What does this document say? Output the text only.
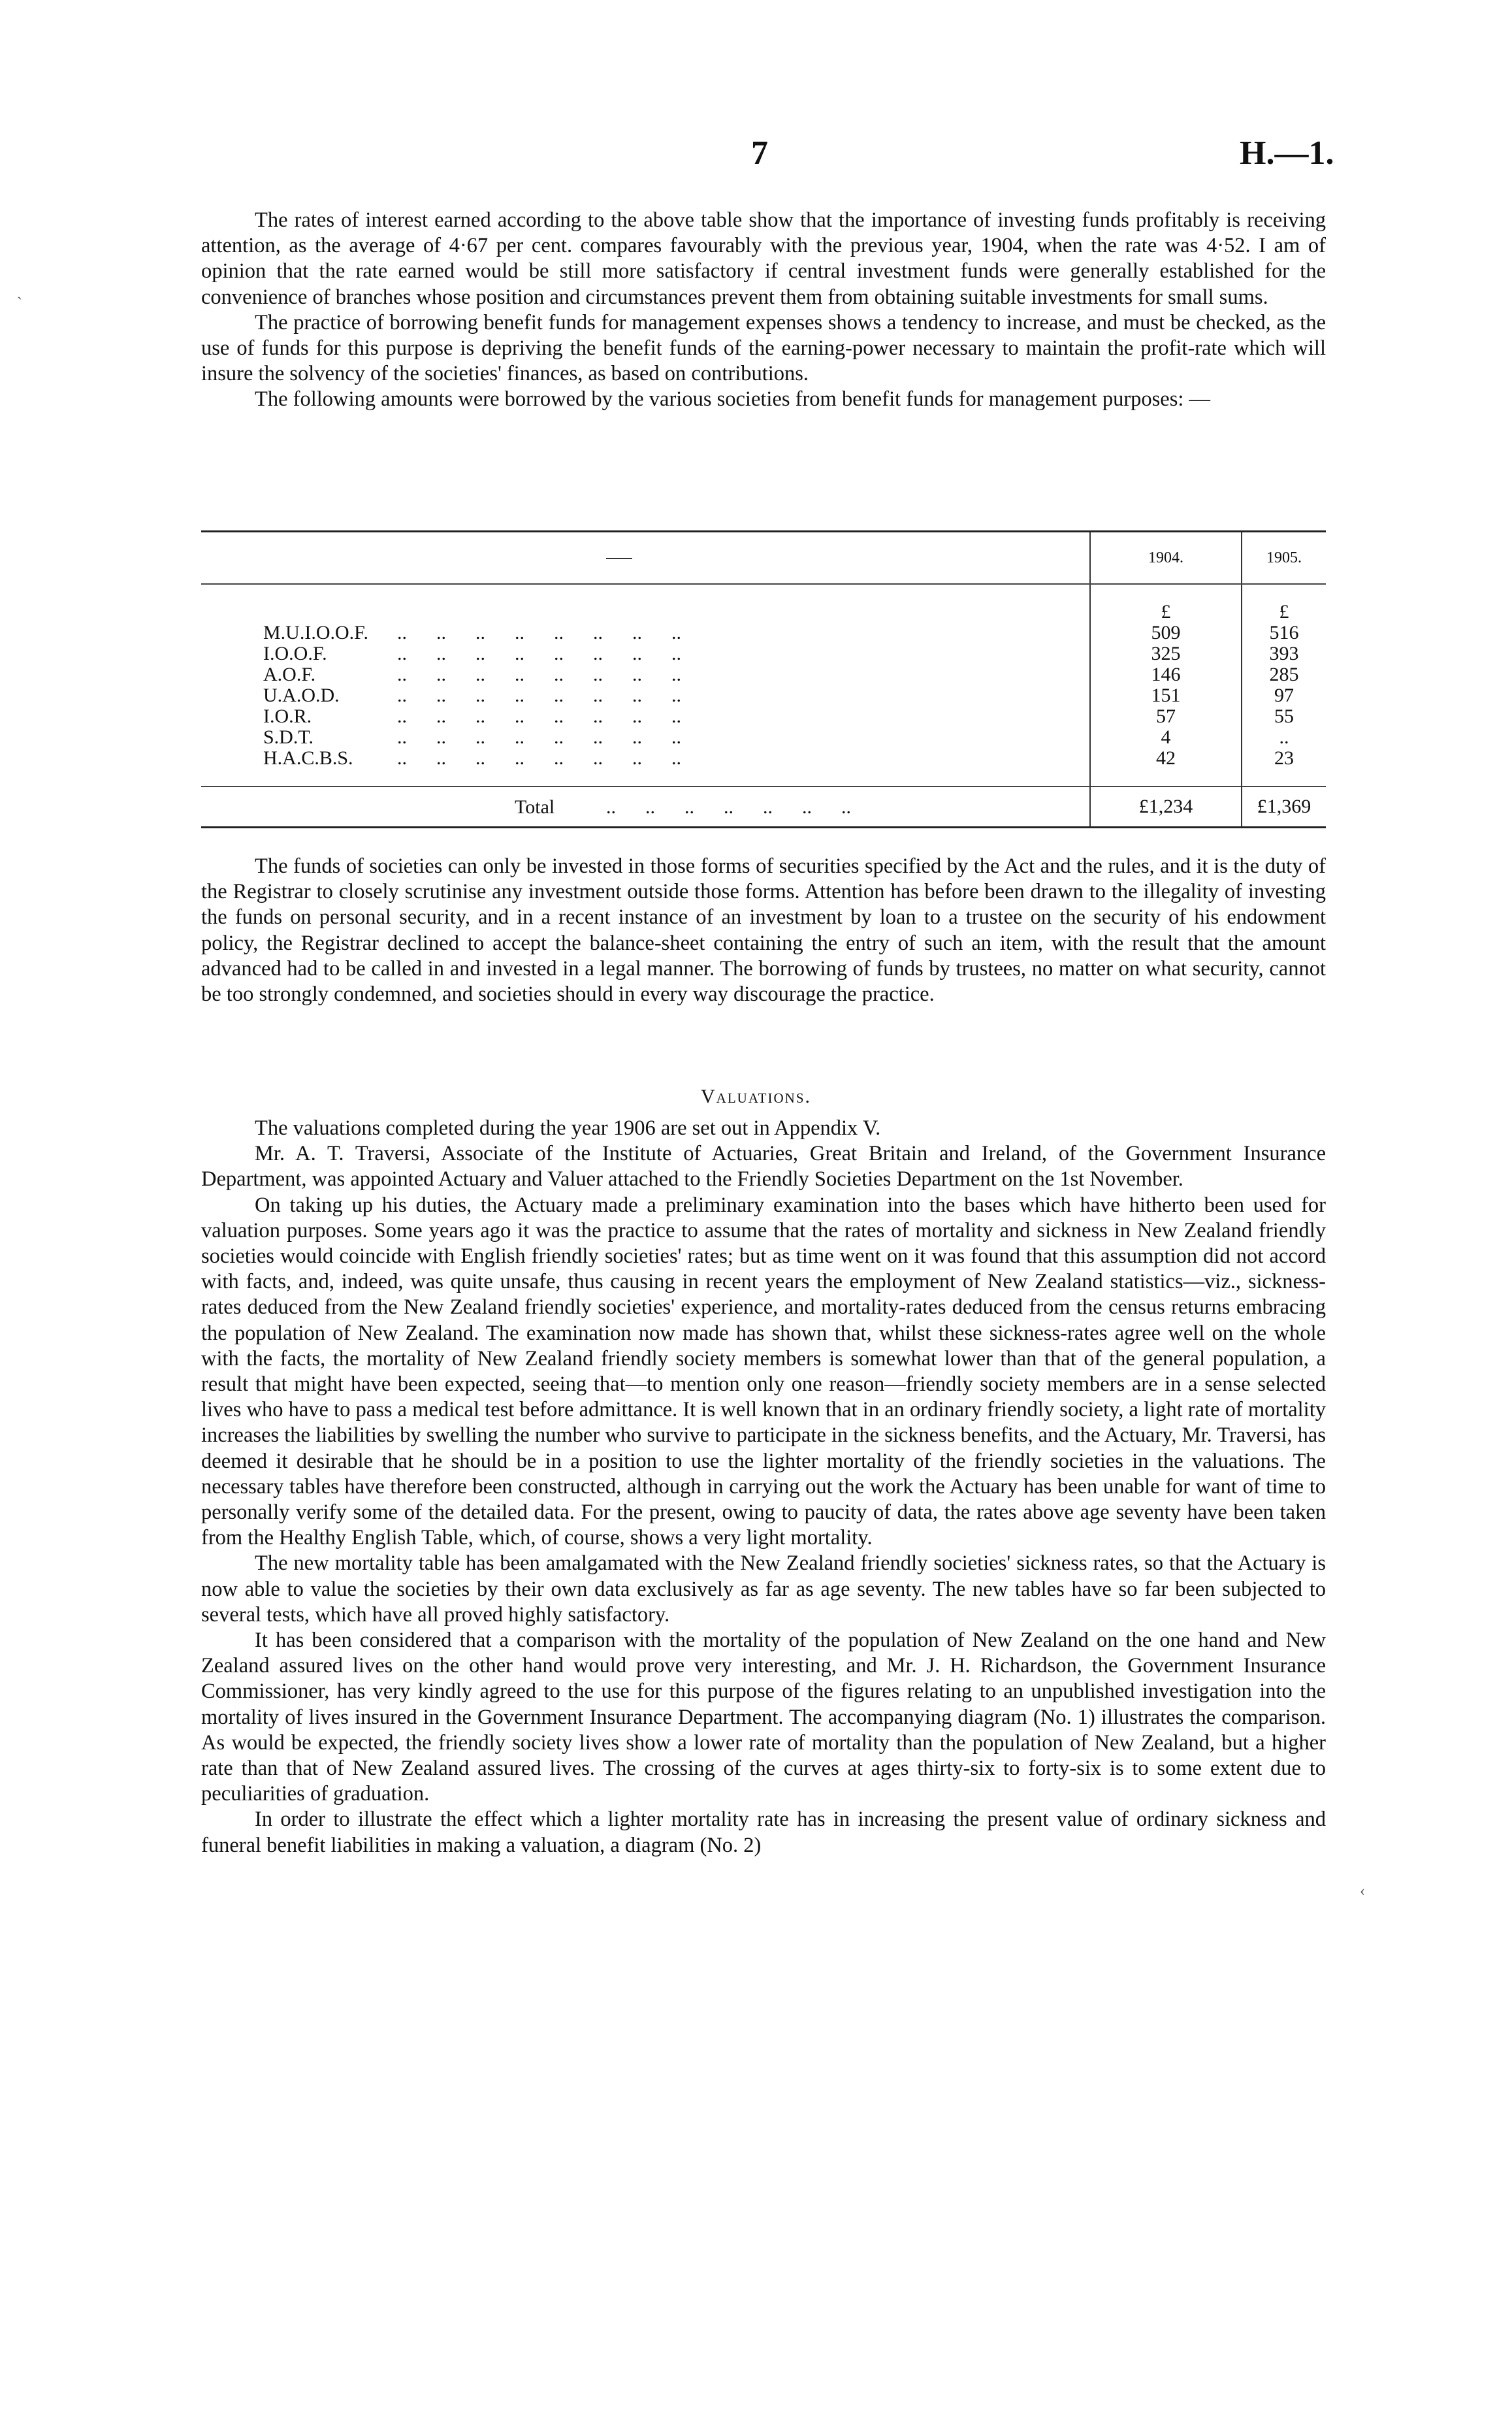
7	H.—1.

The rates of interest earned according to the above table show that the importance of investing funds profitably is receiving attention, as the average of 4·67 per cent. compares favourably with the previous year, 1904, when the rate was 4·52. I am of opinion that the rate earned would be still more satisfactory if central investment funds were generally established for the convenience of branches whose position and circumstances prevent them from obtaining suitable investments for small sums.

The practice of borrowing benefit funds for management expenses shows a tendency to increase, and must be checked, as the use of funds for this purpose is depriving the benefit funds of the earning-power necessary to maintain the profit-rate which will insure the solvency of the societies' finances, as based on contributions.

The following amounts were borrowed by the various societies from benefit funds for management purposes: —

	1904.	1905.

	£	£
M.U.I.O.O.F. ..      ..      ..      ..      ..      ..      ..      ..	509	516
I.O.O.F. ..      ..      ..      ..      ..      ..      ..      ..	325	393
A.O.F. ..      ..      ..      ..      ..      ..      ..      ..	146	285
U.A.O.D. ..      ..      ..      ..      ..      ..      ..      ..	151	97
I.O.R. ..      ..      ..      ..      ..      ..      ..      ..	57	55
S.D.T. ..      ..      ..      ..      ..      ..      ..      ..	4	..
H.A.C.B.S. ..      ..      ..      ..      ..      ..      ..      ..	42	23

Total ..      ..      ..      ..      ..      ..      ..	£1,234	£1,369

The funds of societies can only be invested in those forms of securities specified by the Act and the rules, and it is the duty of the Registrar to closely scrutinise any investment outside those forms. Attention has before been drawn to the illegality of investing the funds on personal security, and in a recent instance of an investment by loan to a trustee on the security of his endowment policy, the Registrar declined to accept the balance-sheet containing the entry of such an item, with the result that the amount advanced had to be called in and invested in a legal manner. The borrowing of funds by trustees, no matter on what security, cannot be too strongly condemned, and societies should in every way discourage the practice.

Valuations.

The valuations completed during the year 1906 are set out in Appendix V.

Mr. A. T. Traversi, Associate of the Institute of Actuaries, Great Britain and Ireland, of the Government Insurance Department, was appointed Actuary and Valuer attached to the Friendly Societies Department on the 1st November.

On taking up his duties, the Actuary made a preliminary examination into the bases which have hitherto been used for valuation purposes. Some years ago it was the practice to assume that the rates of mortality and sickness in New Zealand friendly societies would coincide with English friendly societies' rates; but as time went on it was found that this assumption did not accord with facts, and, indeed, was quite unsafe, thus causing in recent years the employment of New Zealand statistics—viz., sickness-rates deduced from the New Zealand friendly societies' experience, and mortality-rates deduced from the census returns embracing the population of New Zealand. The examination now made has shown that, whilst these sickness-rates agree well on the whole with the facts, the mortality of New Zealand friendly society members is somewhat lower than that of the general population, a result that might have been expected, seeing that—to mention only one reason—friendly society members are in a sense selected lives who have to pass a medical test before admittance. It is well known that in an ordinary friendly society, a light rate of mortality increases the liabilities by swelling the number who survive to participate in the sickness benefits, and the Actuary, Mr. Traversi, has deemed it desirable that he should be in a position to use the lighter mortality of the friendly societies in the valuations. The necessary tables have therefore been constructed, although in carrying out the work the Actuary has been unable for want of time to personally verify some of the detailed data. For the present, owing to paucity of data, the rates above age seventy have been taken from the Healthy English Table, which, of course, shows a very light mortality.

The new mortality table has been amalgamated with the New Zealand friendly societies' sickness rates, so that the Actuary is now able to value the societies by their own data exclusively as far as age seventy. The new tables have so far been subjected to several tests, which have all proved highly satisfactory.

It has been considered that a comparison with the mortality of the population of New Zealand on the one hand and New Zealand assured lives on the other hand would prove very interesting, and Mr. J. H. Richardson, the Government Insurance Commissioner, has very kindly agreed to the use for this purpose of the figures relating to an unpublished investigation into the mortality of lives insured in the Government Insurance Department. The accompanying diagram (No. 1) illustrates the comparison. As would be expected, the friendly society lives show a lower rate of mortality than the population of New Zealand, but a higher rate than that of New Zealand assured lives. The crossing of the curves at ages thirty-six to forty-six is to some extent due to peculiarities of graduation.

In order to illustrate the effect which a lighter mortality rate has in increasing the present value of ordinary sickness and funeral benefit liabilities in making a valuation, a diagram (No. 2)

ˋ
‹
